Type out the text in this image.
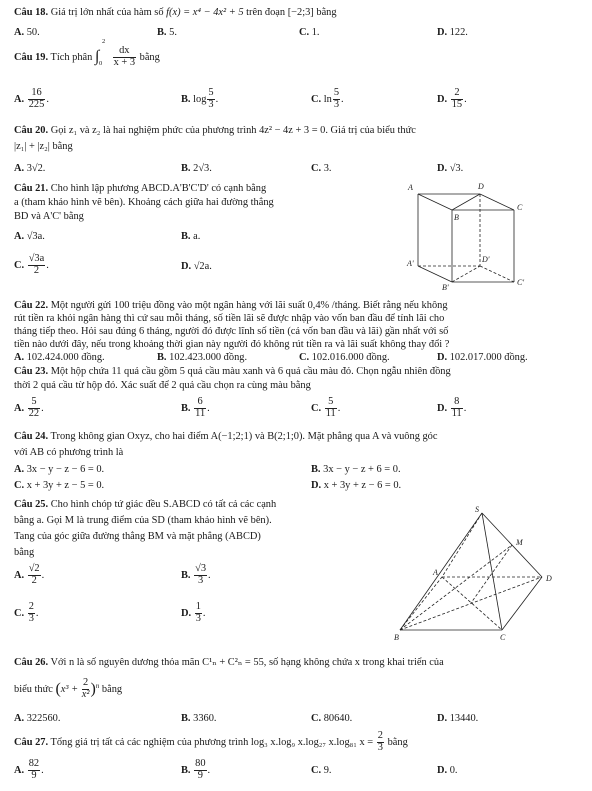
Câu 18. Giá trị lớn nhất của hàm số f(x) = x⁴ − 4x² + 5 trên đoạn [−2;3] bằng
A. 50.	B. 5.	C. 1.	D. 122.
Câu 19. Tích phân ∫
2
0
$\frac{dx}{x + 3}$ bằng
A. $\frac{16}{225}$ .	B. $\log \frac{5}{3}$ .	C. $\ln \frac{5}{3}$ .	D. $\frac{2}{15}$ .
Câu 20. Gọi z₁ và z₂ là hai nghiệm phức của phương trình 4z² − 4z + 3 = 0. Giá trị của biểu thức
|z₁| + |z₂| bằng
A. 3√2.	B. 2√3.	C. 3.	D. √3.
Câu 21. Cho hình lập phương ABCD.A'B'C'D' có cạnh bằng
a (tham khảo hình vẽ bên). Khoảng cách giữa hai đường thẳng
BD và A'C' bằng
A. √3a.	B. a.
C. $\frac{√3a}{2}$ .	D. √2a.
A	D
B
C
A'	D'
B'
C'
Câu 22. Một người gửi 100 triệu đồng vào một ngân hàng với lãi suất 0,4% /tháng. Biết rằng nếu không
rút tiền ra khỏi ngân hàng thì cứ sau mỗi tháng, số tiền lãi sẽ được nhập vào vốn ban đầu để tính lãi cho
tháng tiếp theo. Hỏi sau đúng 6 tháng, người đó được lĩnh số tiền (cả vốn ban đầu và lãi) gần nhất với số
tiền nào dưới đây, nếu trong khoảng thời gian này người đó không rút tiền ra và lãi suất không thay đổi ?
A. 102.424.000 đồng.	B. 102.423.000 đồng.	C. 102.016.000 đồng.	D. 102.017.000 đồng.
Câu 23. Một hộp chứa 11 quả cầu gồm 5 quả cầu màu xanh và 6 quả cầu màu đỏ. Chọn ngẫu nhiên đồng
thời 2 quả cầu từ hộp đó. Xác suất để 2 quả cầu chọn ra cùng màu bằng
A. $\frac{5}{22}$ .	B. $\frac{6}{11}$ .	C. $\frac{5}{11}$ .	D. $\frac{8}{11}$ .
Câu 24. Trong không gian Oxyz, cho hai điểm A(−1;2;1) và B(2;1;0). Mặt phẳng qua A và vuông góc
với AB có phương trình là
A. 3x − y − z − 6 = 0.	B. 3x − y − z + 6 = 0.
C. x + 3y + z − 5 = 0.	D. x + 3y + z − 6 = 0.
Câu 25. Cho hình chóp tứ giác đều S.ABCD có tất cả các cạnh
bằng a. Gọi M là trung điểm của SD (tham khảo hình vẽ bên).
Tang của góc giữa đường thẳng BM và mặt phẳng (ABCD)
bằng
A. $\frac{√2}{2}$ .	B. $\frac{√3}{3}$ .
C. $\frac{2}{3}$ .	D. $\frac{1}{3}$ .
S
M
A
D
B	C
Câu 26. Với n là số nguyên dương thỏa mãn C¹ₙ + C²ₙ = 55, số hạng không chứa x trong khai triển của
biểu thức $(x^3 + \frac{2}{\text{x²}})^n$ bằng
A. 322560.	B. 3360.	C. 80640.	D. 13440.
Câu 27. Tổng giá trị tất cả các nghiệm của phương trình log₃ x.log₉ x.log₂₇ x.log₈₁ $x = \frac{2}{3}$ bằng
A. $\frac{82}{9}$ .	B. $\frac{80}{9}$ .	C. 9.	D. 0.
